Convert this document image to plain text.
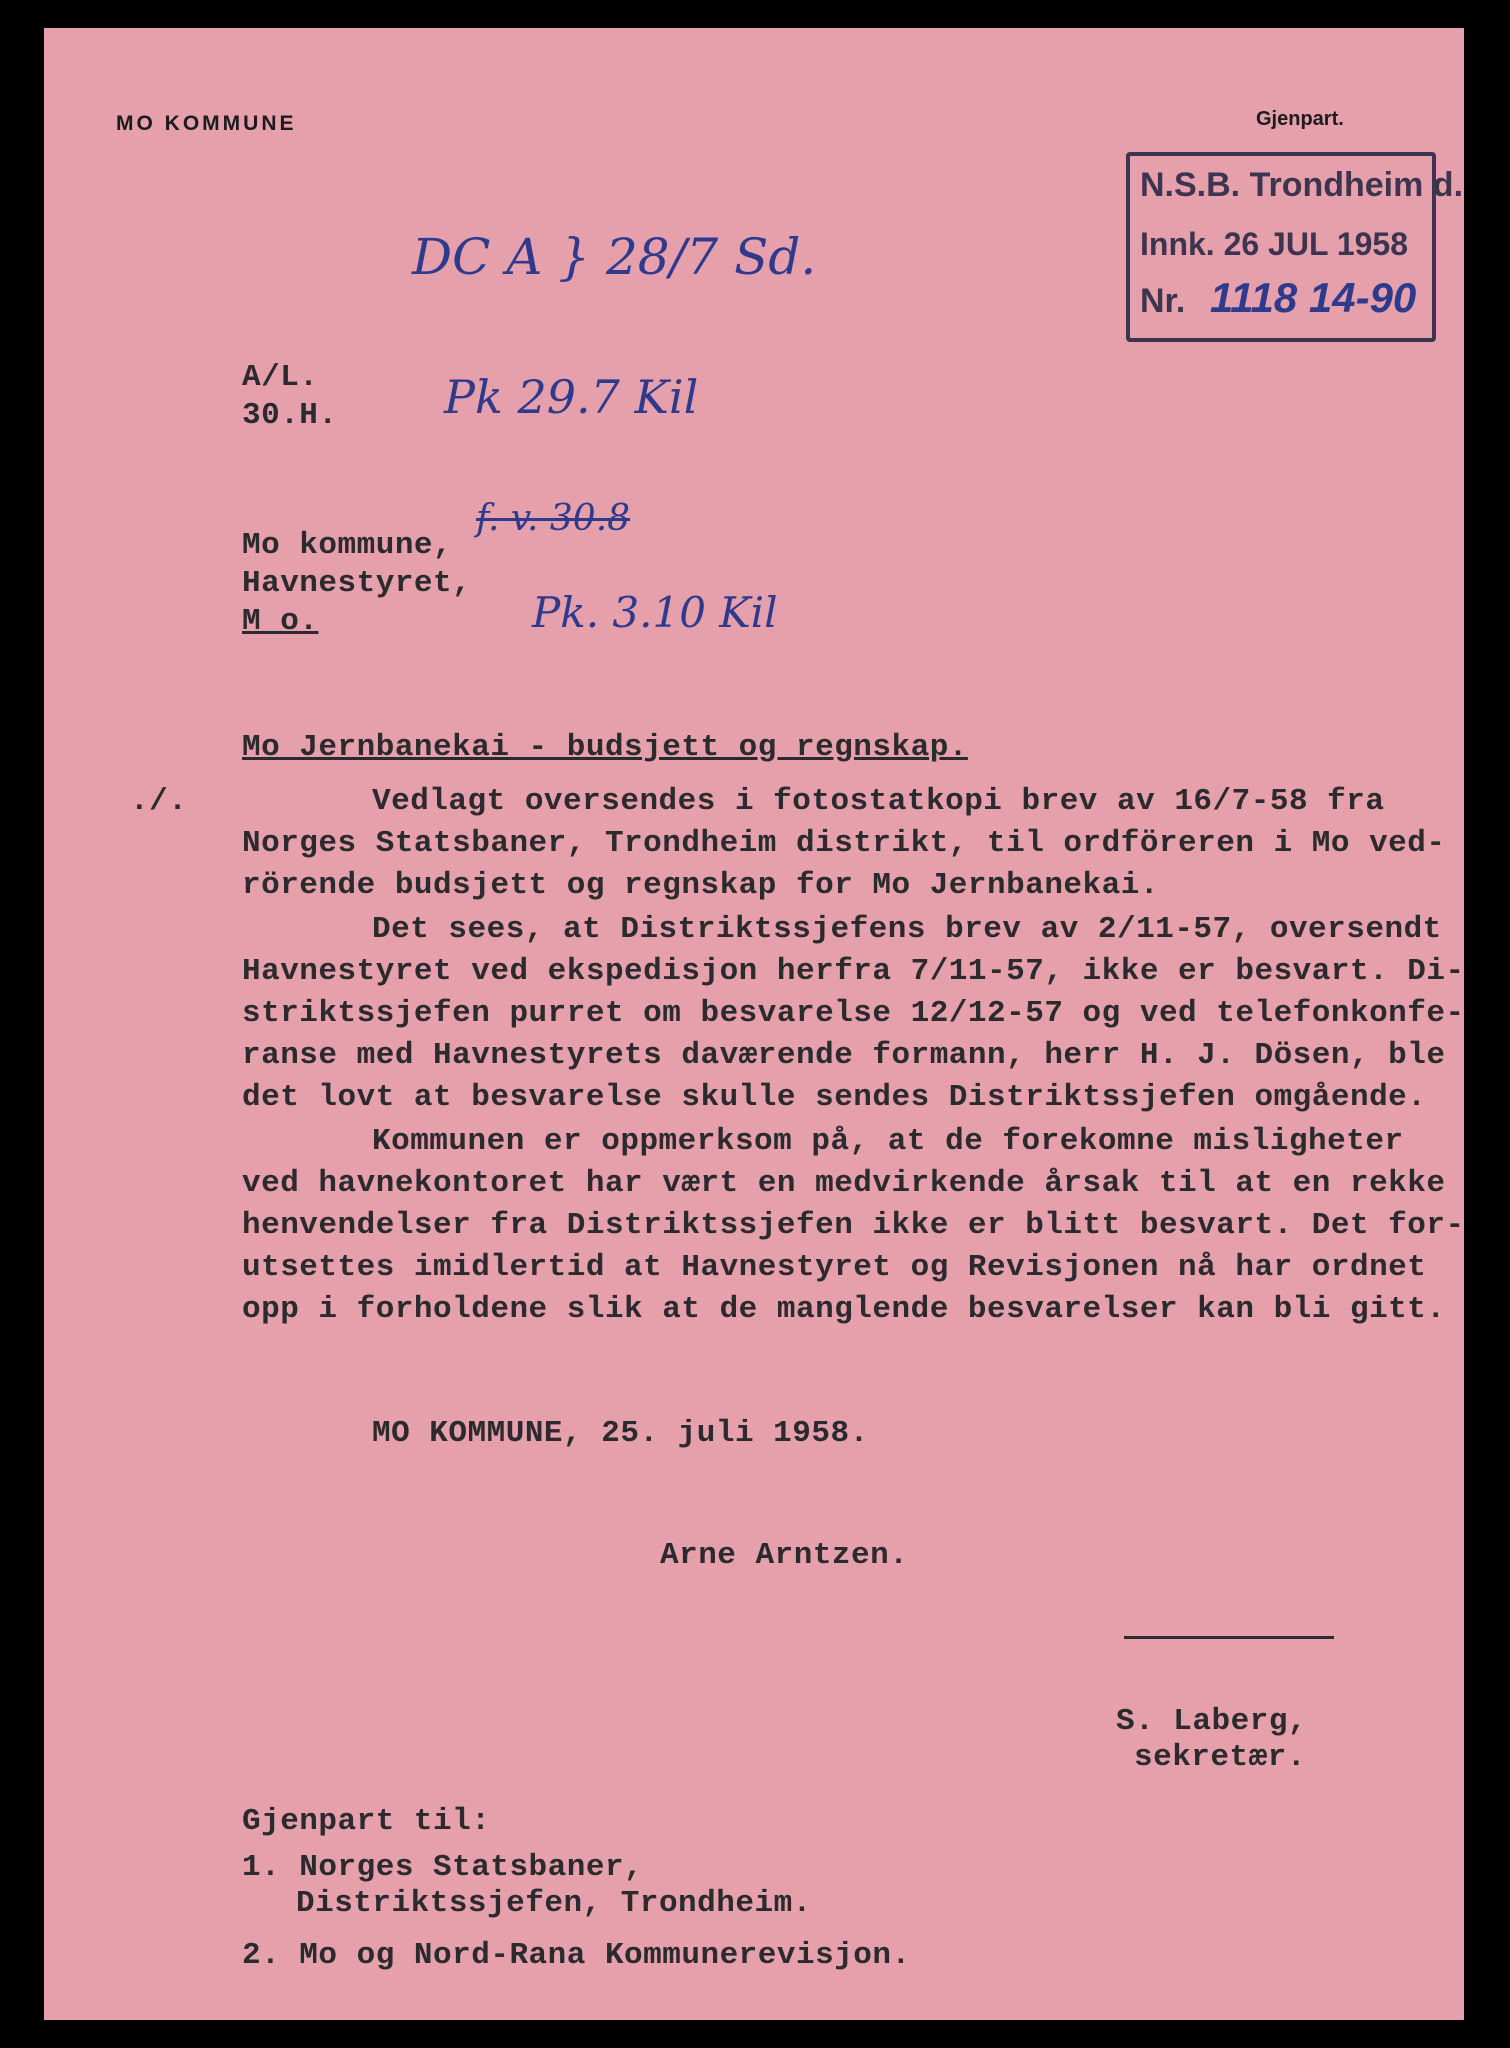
MO KOMMUNE	Gjenpart.
N.S.B. Trondheim d.
Innk. 26 JUL 1958
Nr. 1118 14-90
DC A } 28/7 Sd.
Pk 29.7 Kil
f. v. 30.8
Pk. 3.10 Kil
A/L.
30.H.
Mo kommune,
Havnestyret,
M o.
Mo Jernbanekai - budsjett og regnskap.
./.	Vedlagt oversendes i fotostatkopi brev av 16/7-58 fra
Norges Statsbaner, Trondheim distrikt, til ordföreren i Mo ved-
rörende budsjett og regnskap for Mo Jernbanekai.
Det sees, at Distriktssjefens brev av 2/11-57, oversendt
Havnestyret ved ekspedisjon herfra 7/11-57, ikke er besvart. Di-
striktssjefen purret om besvarelse 12/12-57 og ved telefonkonfe-
ranse med Havnestyrets daværende formann, herr H. J. Dösen, ble
det lovt at besvarelse skulle sendes Distriktssjefen omgående.
Kommunen er oppmerksom på, at de forekomne misligheter
ved havnekontoret har vært en medvirkende årsak til at en rekke
henvendelser fra Distriktssjefen ikke er blitt besvart. Det for-
utsettes imidlertid at Havnestyret og Revisjonen nå har ordnet
opp i forholdene slik at de manglende besvarelser kan bli gitt.
MO KOMMUNE, 25. juli 1958.
Arne Arntzen.
S. Laberg,
sekretær.
Gjenpart til:
1. Norges Statsbaner,
Distriktssjefen, Trondheim.
2. Mo og Nord-Rana Kommunerevisjon.
